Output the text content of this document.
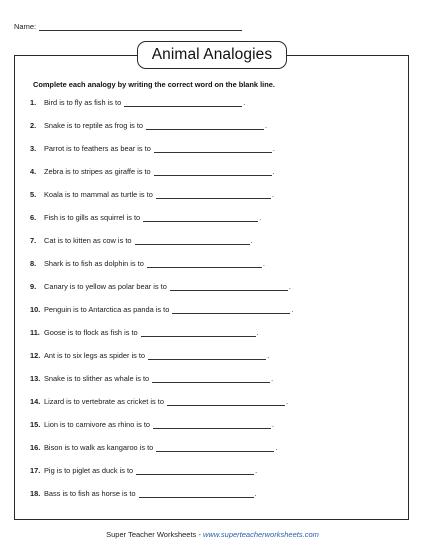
Name:
Animal Analogies
Complete each analogy by writing the correct word on the blank line.
1.	Bird is to fly as fish is to	.
2.	Snake is to reptile as frog is to	.
3.	Parrot is to feathers as bear is to	.
4.	Zebra is to stripes as giraffe is to	.
5.	Koala is to mammal as turtle is to	.
6.	Fish is to gills as squirrel is to	.
7.	Cat is to kitten as cow is to	.
8.	Shark is to fish as dolphin is to	.
9.	Canary is to yellow as polar bear is to	.
10. Penguin is to Antarctica as panda is to	.
11. Goose is to flock as fish is to	.
12. Ant is to six legs as spider is to	.
13. Snake is to slither as whale is to	.
14. Lizard is to vertebrate as cricket is to	.
15. Lion is to carnivore as rhino is to	.
16. Bison is to walk as kangaroo is to	.
17. Pig is to piglet as duck is to	.
18. Bass is to fish as horse is to	.
Super Teacher Worksheets - www.superteacherworksheets.com
